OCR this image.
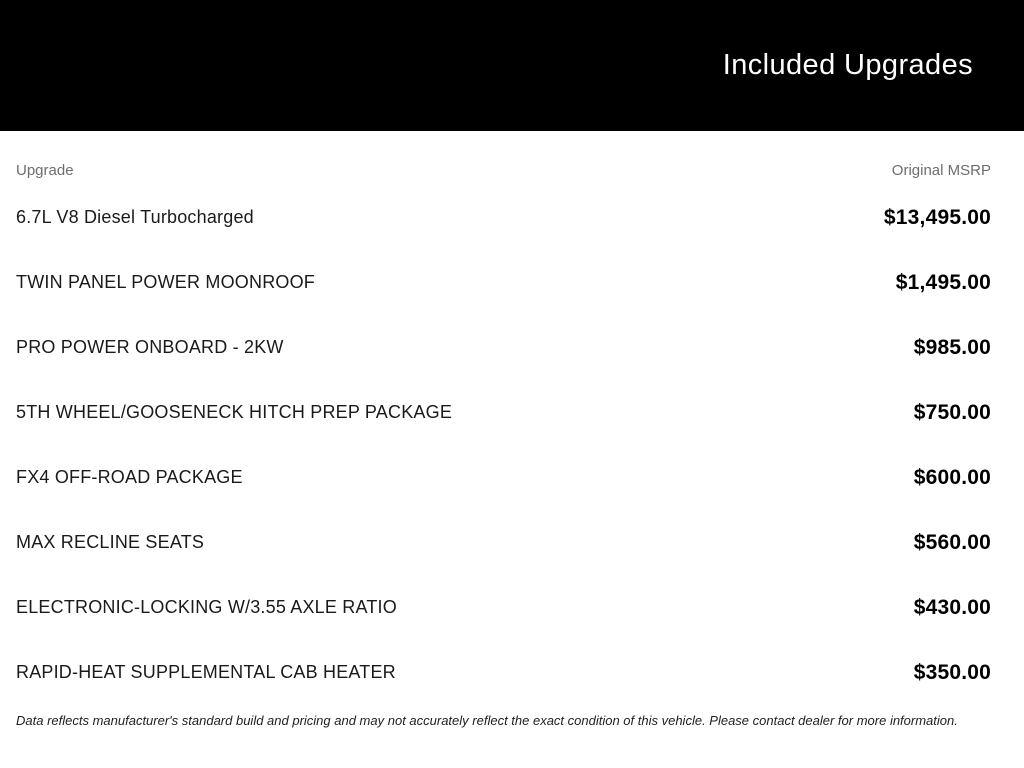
Included Upgrades
Upgrade	Original MSRP
6.7L V8 Diesel Turbocharged	$13,495.00
TWIN PANEL POWER MOONROOF	$1,495.00
PRO POWER ONBOARD - 2KW	$985.00
5TH WHEEL/GOOSENECK HITCH PREP PACKAGE	$750.00
FX4 OFF-ROAD PACKAGE	$600.00
MAX RECLINE SEATS	$560.00
ELECTRONIC-LOCKING W/3.55 AXLE RATIO	$430.00
RAPID-HEAT SUPPLEMENTAL CAB HEATER	$350.00

Data reflects manufacturer's standard build and pricing and may not accurately reflect the exact condition of this vehicle. Please contact dealer for more information.
